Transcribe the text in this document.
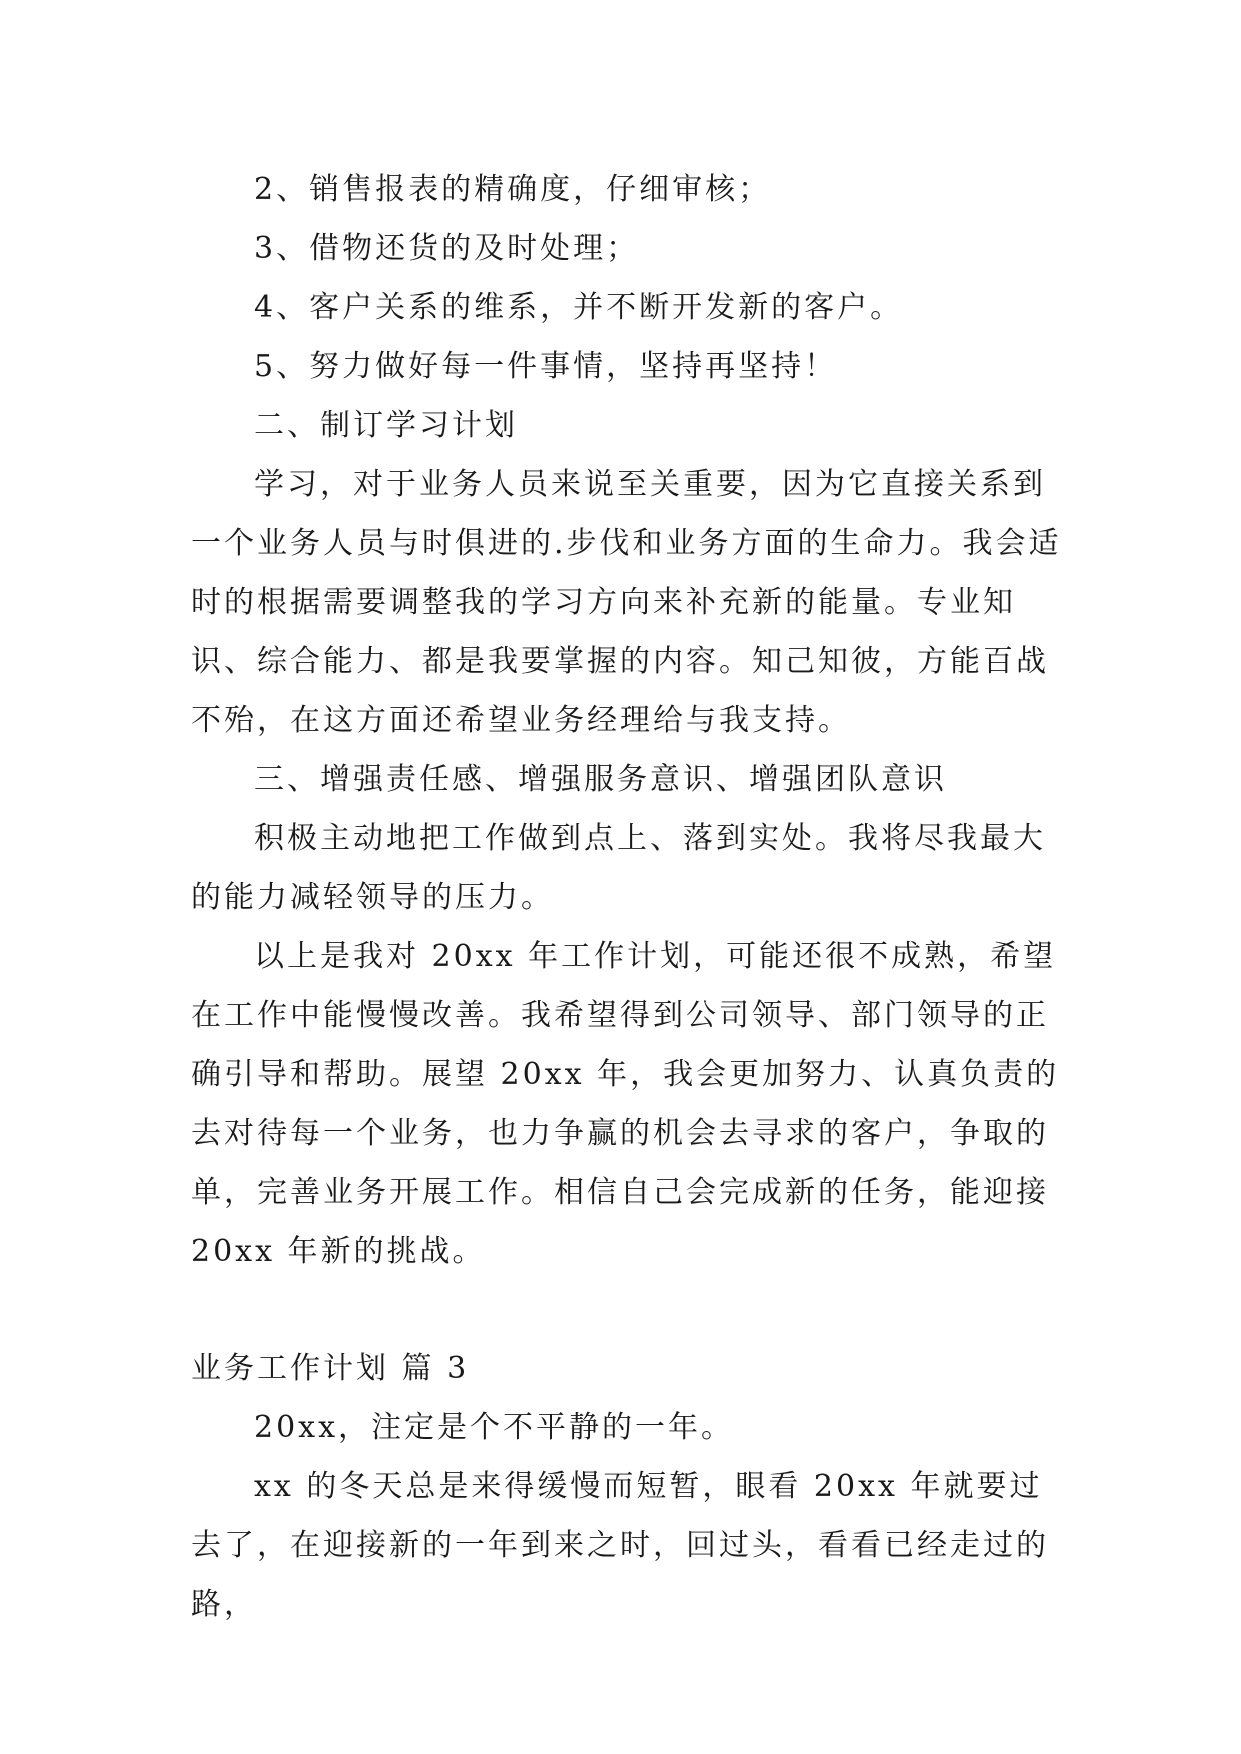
2、销售报表的精确度，仔细审核；

3、借物还货的及时处理；

4、客户关系的维系，并不断开发新的客户。

5、努力做好每一件事情，坚持再坚持！

二、制订学习计划

学习，对于业务人员来说至关重要，因为它直接关系到一个业务人员与时俱进的.步伐和业务方面的生命力。我会适时的根据需要调整我的学习方向来补充新的能量。专业知识、综合能力、都是我要掌握的内容。知己知彼，方能百战不殆，在这方面还希望业务经理给与我支持。

三、增强责任感、增强服务意识、增强团队意识

积极主动地把工作做到点上、落到实处。我将尽我最大的能力减轻领导的压力。

以上是我对 20xx 年工作计划，可能还很不成熟，希望在工作中能慢慢改善。我希望得到公司领导、部门领导的正确引导和帮助。展望 20xx 年，我会更加努力、认真负责的去对待每一个业务，也力争赢的机会去寻求的客户，争取的单，完善业务开展工作。相信自己会完成新的任务，能迎接 20xx 年新的挑战。

业务工作计划 篇 3

20xx，注定是个不平静的一年。

xx 的冬天总是来得缓慢而短暂，眼看 20xx 年就要过去了，在迎接新的一年到来之时，回过头，看看已经走过的路，
